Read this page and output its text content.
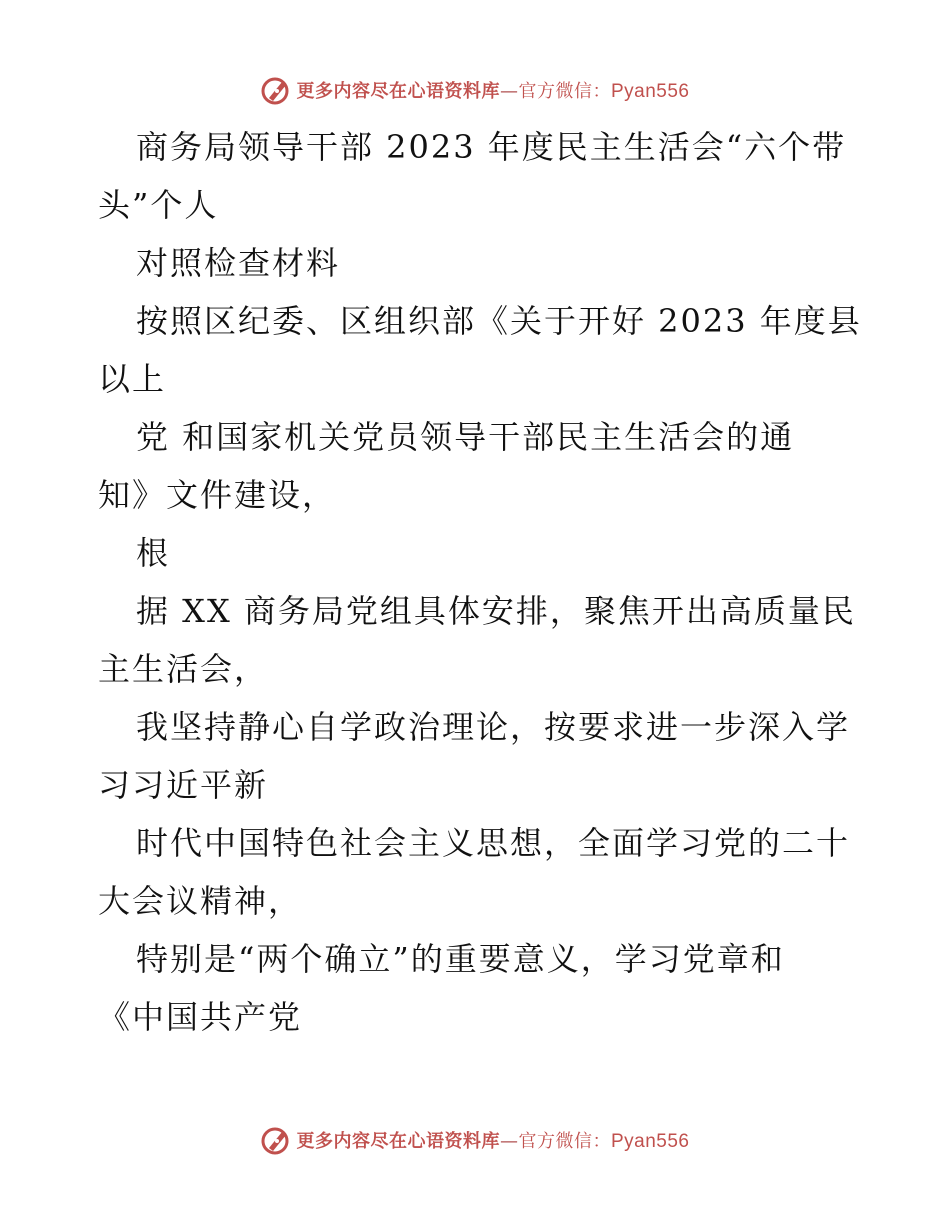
更多内容尽在心语资料库—官方微信：Pyan556
商务局领导干部 2023 年度民主生活会“六个带
头”个人
对照检查材料
按照区纪委、区组织部《关于开好 2023 年度县
以上
党 和国家机关党员领导干部民主生活会的通
知》文件建设，
根
据 XX 商务局党组具体安排，聚焦开出高质量民
主生活会，
我坚持静心自学政治理论，按要求进一步深入学
习习近平新
时代中国特色社会主义思想，全面学习党的二十
大会议精神，
特别是“两个确立”的重要意义，学习党章和
《中国共产党
更多内容尽在心语资料库—官方微信：Pyan556
